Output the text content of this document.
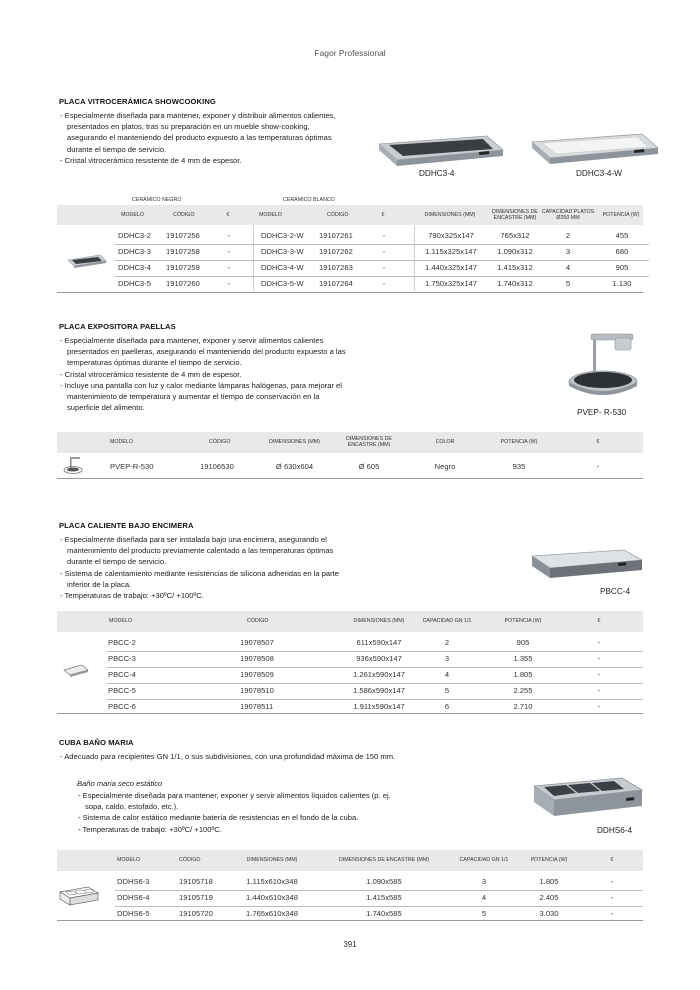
Fagor Professional
PLACA VITROCERÁMICA SHOWCOOKING
- Especialmente diseñada para mantener, exponer y distribuir alimentos calientes, presentados en platos, tras su preparación en un mueble show-cooking, asegurando el manteniendo del producto expuesto a las temperaturas óptimas durante el tiempo de servicio.
- Cristal vitrocerámico resistente de 4 mm de espesor.
DDHC3-4	DDHC3-4-W
CERÁMICO NEGRO	CERÁMICO BLANCO
MODELO	CÓDIGO	€	MODELO	CÓDIGO	€	DIMENSIONES (MM)	DIMENSIONES DE ENCASTRE (MM)
CAPACIDAD PLATOS Ø250 MM	POTENCIA (W)
DDHC3-2 19107256	-	DDHC3-2-W 19107261	-	790x325x147	765x312	2	455
DDHC3-3 19107258	-	DDHC3-3-W 19107262	-	1.115x325x147	1.090x312	3	680
DDHC3-4 19107259	-	DDHC3-4-W 19107263	-	1.440x325x147	1.415x312	4	905
DDHC3-5 19107260	-	DDHC3-5-W 19107264	-	1.750x325x147	1.740x312	5	1.130
PLACA EXPOSITORA PAELLAS
- Especialmente diseñada para mantener, exponer y servir alimentos calientes presentados en paelleras, asegurando el manteniendo del producto expuesto a las temperaturas óptimas durante el tiempo de servicio.
- Cristal vitrocerámico resistente de 4 mm de espesor.
- Incluye una pantalla con luz y calor mediante lámparas halógenas, para mejorar el mantenimiento de temperatura y aumentar el tiempo de conservación en la superficie del alimento.
PVEP- R-530
MODELO	CÓDIGO	DIMENSIONES (MM)	DIMENSIONES DE ENCASTRE (MM)	COLOR	POTENCIA (W)	€
PVEP-R-530	19106530	Ø 630x604	Ø 605	Negro	935	-
PLACA CALIENTE BAJO ENCIMERA
- Especialmente diseñada para ser instalada bajo una encimera, asegurando el mantenimiento del producto previamente calentado a las temperaturas óptimas durante el tiempo de servicio.
- Sistema de calentamiento mediante resistencias de silicona adheridas en la parte inferior de la placa.
- Temperaturas de trabajo: +30ºC/ +100ºC.	PBCC-4
MODELO	CÓDIGO	DIMENSIONES (MM)	CAPACIDAD GN 1/1	POTENCIA (W)	€
PBCC-2	19078507	611x590x147	2	905	-
PBCC-3	19078508	936x590x147	3	1.355	-
PBCC-4	19078509	1.261x590x147	4	1.805	-
PBCC-5	19078510	1.586x590x147	5	2.255	-
PBCC-6	19078511	1.911x590x147	6	2.710	-
CUBA BAÑO MARIA
- Adecuado para recipientes GN 1/1, o sus subdivisiones, con una profundidad máxima de 150 mm.
Baño maria seco estático
- Especialmente diseñada para mantener, exponer y servir alimentos líquidos calientes (p. ej. sopa, caldo, estofado, etc.).
- Sistema de calor estático mediante batería de resistencias en el fondo de la cuba.
- Temperaturas de trabajo: +30ºC/ +100ºC.	DDHS6-4
MODELO	CÓDIGO	DIMENSIONES (MM)	DIMENSIONES DE ENCASTRE (MM)	CAPACIDAD GN 1/1	POTENCIA (W)	€
DDHS6-3	19105718	1.115x610x348	1.090x585	3	1.805	-
DDHS6-4	19105719	1.440x610x348	1.415x585	4	2.405	-
DDHS6-5	19105720	1.765x610x348	1.740x585	5	3.030	-
391
